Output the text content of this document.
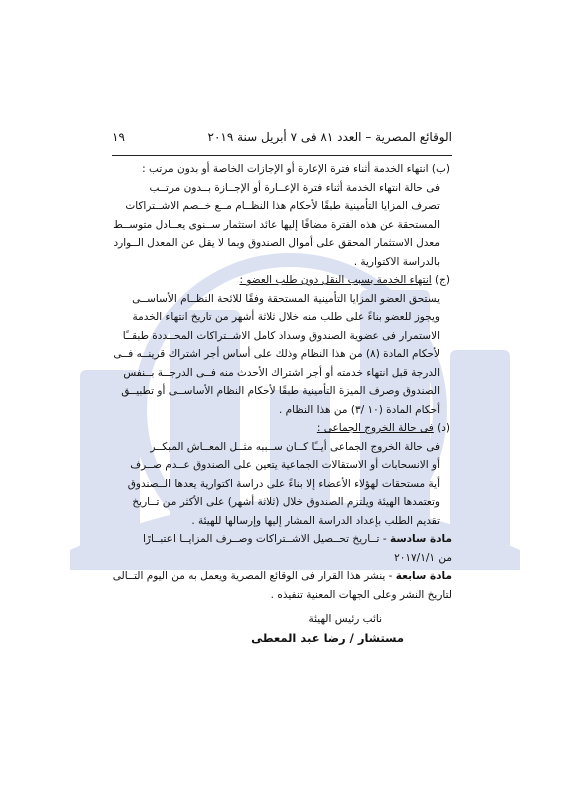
الوقائع المصرية – العدد ٨١ فى ٧ أبريل سنة ٢٠١٩
١٩

(ب) انتهاء الخدمة أثناء فترة الإعارة أو الإجازات الخاصة أو بدون مرتب :

فى حالة انتهاء الخدمة أثناء فترة الإعــارة أو الإجــازة بــدون مرتــب

تصرف المزايا التأمينية طبقًا لأحكام هذا النظــام مــع خــصم الاشــتراكات

المستحقة عن هذه الفترة مضافًا إليها عائد استثمار ســنوى يعــادل متوســط

معدل الاستثمار المحقق على أموال الصندوق وبما لا يقل عن المعدل الــوارد

بالدراسة الاكتوارية .

(ج) انتهاء الخدمة بسبب النقل دون طلب العضو :

يستحق العضو المزايا التأمينية المستحقة وفقًا للائحة النظــام الأساســى

ويجوز للعضو بناءً على طلب منه خلال ثلاثة أشهر من تاريخ انتهاء الخدمة

الاستمرار فى عضوية الصندوق وسداد كامل الاشــتراكات المحــددة طبقــًا

لأحكام المادة (٨) من هذا النظام وذلك على أساس أجر اشتراك قرينــه فــى

الدرجة قبل انتهاء خدمته أو أجر اشتراك الأحدث منه فــى الدرجــة بــنفس

الصندوق وصرف الميزة التأمينية طبقًا لأحكام النظام الأساســى أو تطبيــق

أحكام المادة (١٠ /٣) من هذا النظام .

(د) فى حالة الخروج الجماعى :

فى حالة الخروج الجماعى أيــًا كــان ســببه مثــل المعــاش المبكــر

أو الانسحابات أو الاستقالات الجماعية يتعين على الصندوق عــدم صــرف

أية مستحقات لهؤلاء الأعضاء إلا بناءً على دراسة اكتوارية يعدها الــصندوق

وتعتمدها الهيئة ويلتزم الصندوق خلال (ثلاثة أشهر) على الأكثر من تــاريخ

تقديم الطلب بإعداد الدراسة المشار إليها وإرسالها للهيئة .

مادة سادسة - تــاريخ تحــصيل الاشــتراكات وصــرف المزايــا اعتبــارًا

من ٢٠١٧/١/١

مادة سابعة - ينشر هذا القرار فى الوقائع المصرية ويعمل به من اليوم التــالى

لتاريخ النشر وعلى الجهات المعنية تنفيذه .

نائب رئيس الهيئة

مستشار / رضا عبد المعطى
